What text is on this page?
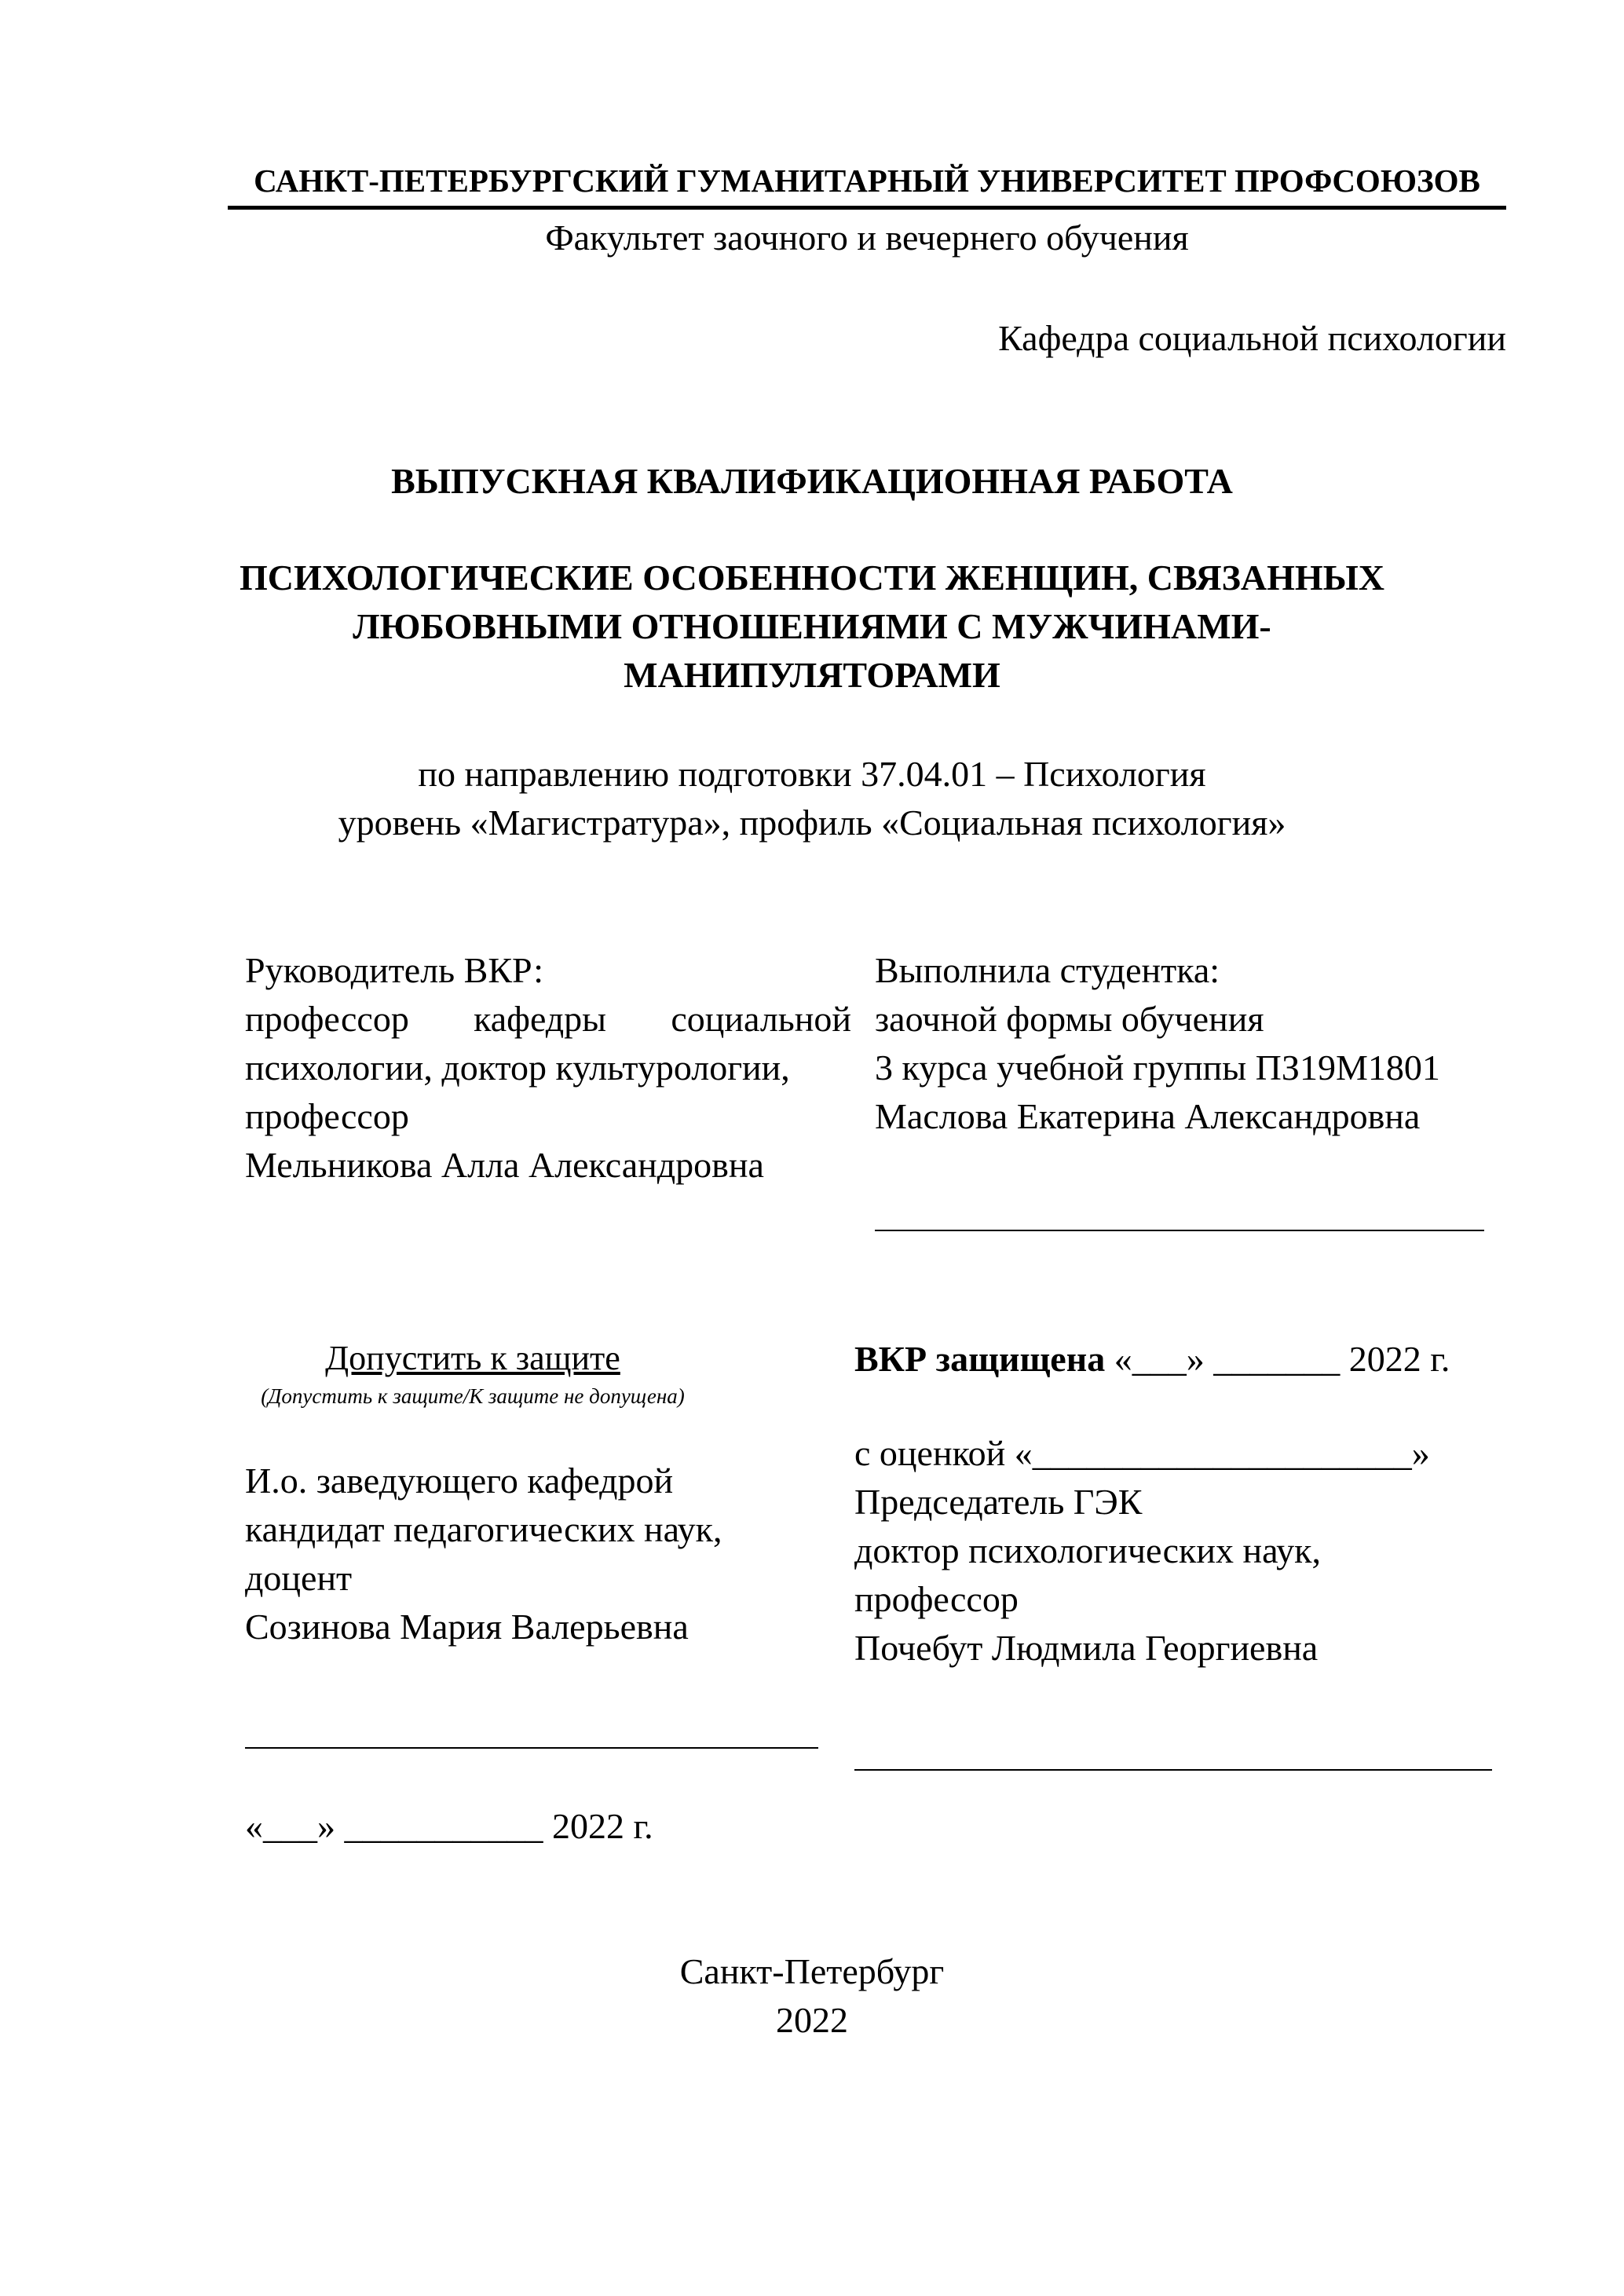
САНКТ-ПЕТЕРБУРГСКИЙ ГУМАНИТАРНЫЙ УНИВЕРСИТЕТ ПРОФСОЮЗОВ

Факультет заочного и вечернего обучения

Кафедра социальной психологии

ВЫПУСКНАЯ КВАЛИФИКАЦИОННАЯ РАБОТА

ПСИХОЛОГИЧЕСКИЕ ОСОБЕННОСТИ ЖЕНЩИН, СВЯЗАННЫХ
ЛЮБОВНЫМИ ОТНОШЕНИЯМИ С МУЖЧИНАМИ-
МАНИПУЛЯТОРАМИ
по направлению подготовки 37.04.01 – Психология
уровень «Магистратура», профиль «Социальная психология»
Руководитель ВКР:
профессор кафедры социальной
психологии, доктор культурологии,
профессор
Мельникова Алла Александровна
Выполнила студентка:
заочной формы обучения
3 курса учебной группы ПЗ19М1801
Маслова Екатерина Александровна
Допустить к защите
(Допустить к защите/К защите не допущена)
И.о. заведующего кафедрой
кандидат педагогических наук,
доцент
Созинова Мария Валерьевна

«___» ___________ 2022 г.

ВКР защищена «___» _______ 2022 г.

с оценкой «_____________________»

Председатель ГЭК
доктор психологических наук,
профессор
Почебут Людмила Георгиевна
Санкт-Петербург
2022
